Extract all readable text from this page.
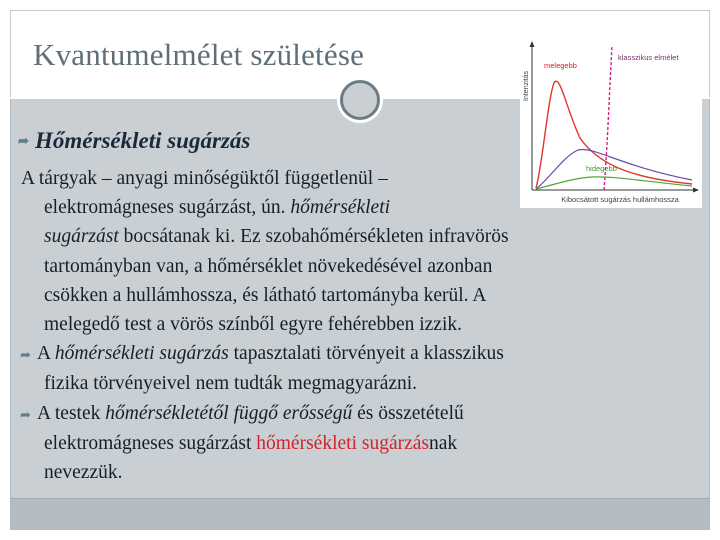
Kvantumelmélet születése
Intenzitás
Kibocsátott sugárzás hullámhossza
klasszikus elmélet
melegebb
hidegebb
➦ Hőmérsékleti sugárzás
A tárgyak – anyagi minőségüktől függetlenül –
elektromágneses sugárzást, ún. hőmérsékleti
sugárzást bocsátanak ki. Ez szobahőmérsékleten infravörös
tartományban van, a hőmérséklet növekedésével azonban
csökken a hullámhossza, és látható tartományba kerül. A
melegedő test a vörös színből egyre fehérebben izzik.
➦ A hőmérsékleti sugárzás tapasztalati törvényeit a klasszikus
fizika törvényeivel nem tudták megmagyarázni.
➦ A testek hőmérsékletétől függő erősségű és összetételű
elektromágneses sugárzást hőmérsékleti sugárzásnak
nevezzük.
